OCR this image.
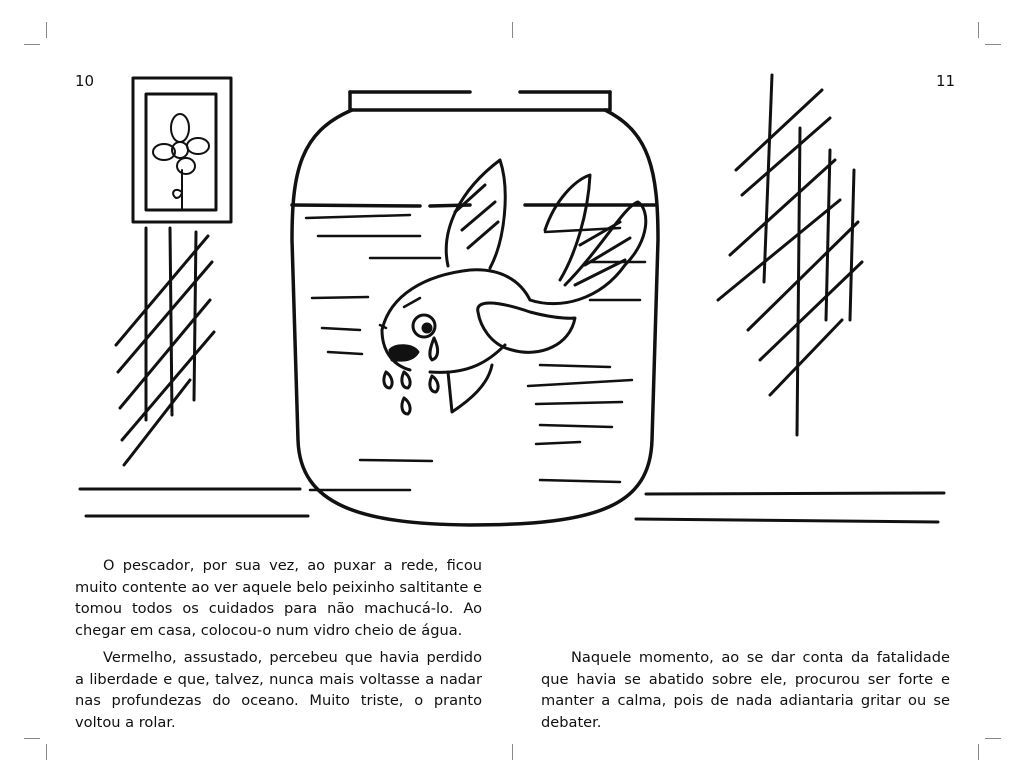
10	11

O pescador, por sua vez, ao puxar a rede, ficou muito contente ao ver aquele belo peixinho saltitante e tomou todos os cuidados para não machucá-lo. Ao chegar em casa, colocou-o num vidro cheio de água.

Vermelho, assustado, percebeu que havia perdido a liberdade e que, talvez, nunca mais voltasse a nadar nas profundezas do oceano. Muito triste, o pranto voltou a rolar.

Naquele momento, ao se dar conta da fatalidade que havia se abatido sobre ele, procurou ser forte e manter a calma, pois de nada adiantaria gritar ou se debater.
